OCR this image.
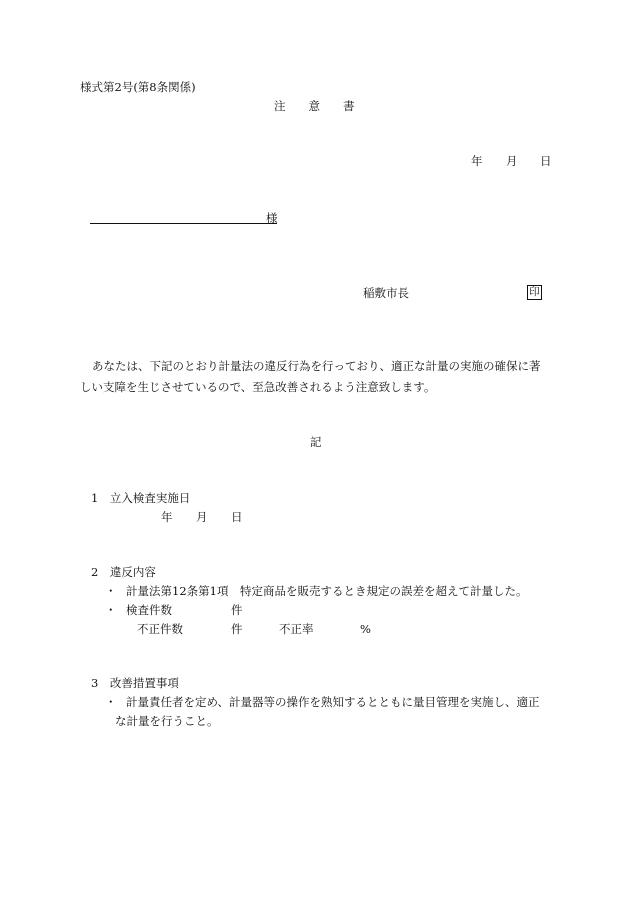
様式第2号(第8条関係)
注　　意　　書
年 月 日
様
稲敷市長	印
あなたは、下記のとおり計量法の違反行為を行っており、適正な計量の実施の確保に著
しい支障を生じさせているので、至急改善されるよう注意致します。
記
1　立入検査実施日
年 月 日
2　違反内容
・ 計量法第12条第1項　特定商品を販売するとき規定の誤差を超えて計量した。
・ 検査件数	件
不正件数	件	不正率	%
3　改善措置事項
・ 計量責任者を定め、計量器等の操作を熟知するとともに量目管理を実施し、適正
な計量を行うこと。
